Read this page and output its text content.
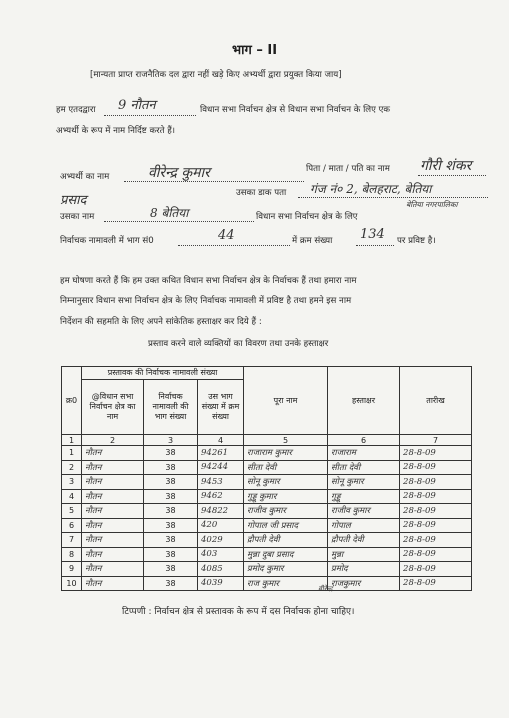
भाग – II
[मान्यता प्राप्त राजनैतिक दल द्वारा नहीं खड़े किए अभ्यर्थी द्वारा प्रयुक्त किया जाय]
हम एतदद्वारा 9 नौतन	विधान सभा निर्वाचन क्षेत्र से विधान सभा निर्वाचन के लिए एक
अभ्यर्थी के रूप में नाम निर्दिष्ट करते हैं।
अभ्यर्थी का नाम	वीरेन्द्र कुमार	पिता / माता / पति का नाम गौरी शंकर
प्रसाद	उसका डाक पता गंज नं० 2, बेलहराट, बेतिया
उसका नाम	8 बेतिया	विधान सभा निर्वाचन क्षेत्र के लिए
बेतिया नगरपालिका
निर्वाचक नामावली में भाग सं0	44	में क्रम संख्या 134 पर प्रविष्ट है।
हम घोषणा करते हैं कि हम उक्त कथित विधान सभा निर्वाचन क्षेत्र के निर्वाचक हैं तथा हमारा नाम
निम्नानुसार विधान सभा निर्वाचन क्षेत्र के लिए निर्वाचक नामावली में प्रविष्ट है तथा हमने इस नाम
निर्देशन की सहमति के लिए अपने सांकेतिक हस्ताक्षर कर दिये हैं :
प्रस्ताव करने वाले व्यक्तियों का विवरण तथा उनके हस्ताक्षर
क्र0	प्रस्तावक की निर्वाचक नामावली संख्या			पूरा नाम	हस्ताक्षर	तारीख
	@विधान सभा निर्वाचन क्षेत्र का नाम	निर्वाचक नामावली की भाग संख्या	उस भाग संख्या में क्रम संख्या			
1	2	3	4	5	6	7
1	नौतन	38	94261	राजाराम कुमार	राजाराम	28-8-09
2	नौतन	38	94244	सीता देवी	सीता देवी	28-8-09
3	नौतन	38	9453	सोनू कुमार	सोनू कुमार	28-8-09
4	नौतन	38	9462	गुड्डू कुमार	गुड्डू	28-8-09
5	नौतन	38	94822	राजीव कुमार	राजीव कुमार	28-8-09
6	नौतन	38	420	गोपाल जी प्रसाद	गोपाल	28-8-09
7	नौतन	38	4029	द्रौपती देवी	द्रौपती देवी	28-8-09
8	नौतन	38	403	मुन्ना दुबा प्रसाद	मुन्ना	28-8-09
9	नौतन	38	4085	प्रमोद कुमार	प्रमोद	28-8-09
10	नौतन	38	4039	राज कुमार	राजकुमार	28-8-09
वीरेन्द्र
टिप्पणी : निर्वाचन क्षेत्र से प्रस्तावक के रूप में दस निर्वाचक होना चाहिए।
